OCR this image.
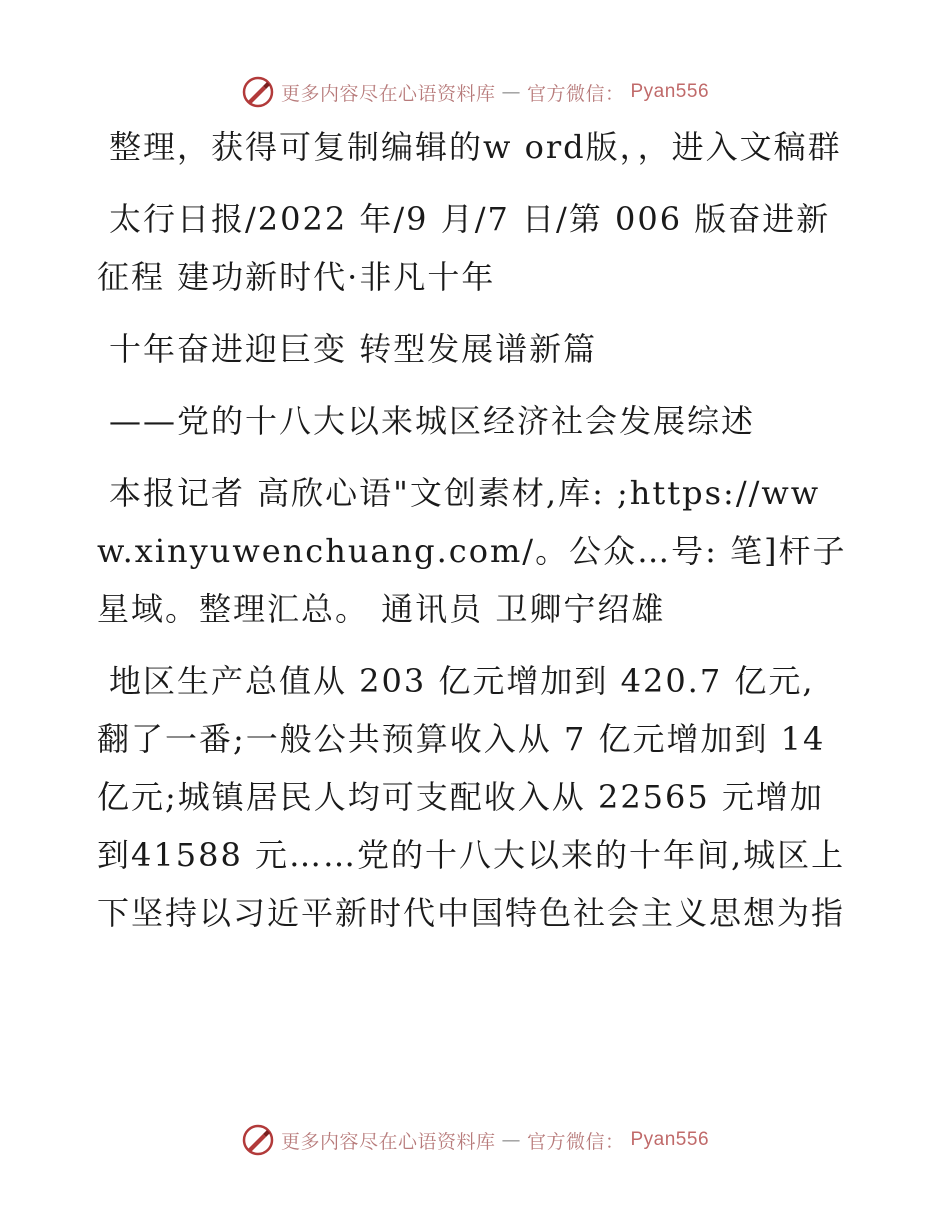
更多内容尽在心语资料库 — 官方微信： Pyan556

整理，获得可复制编辑的w ord版，，进入文稿群

太行日报/2022 年/9 月/7 日/第 006 版奋进新征程 建功新时代·非凡十年

十年奋进迎巨变 转型发展谱新篇

——党的十八大以来城区经济社会发展综述

本报记者 高欣心语"文创素材,库: ;https://www.xinyuwenchuang.com/。公众…号: 笔]杆子星域。整理汇总。 通讯员 卫卿宁绍雄

地区生产总值从 203 亿元增加到 420.7 亿元,翻了一番;一般公共预算收入从 7 亿元增加到 14亿元;城镇居民人均可支配收入从 22565 元增加到41588 元……党的十八大以来的十年间,城区上下坚持以习近平新时代中国特色社会主义思想为指

更多内容尽在心语资料库 — 官方微信： Pyan556
